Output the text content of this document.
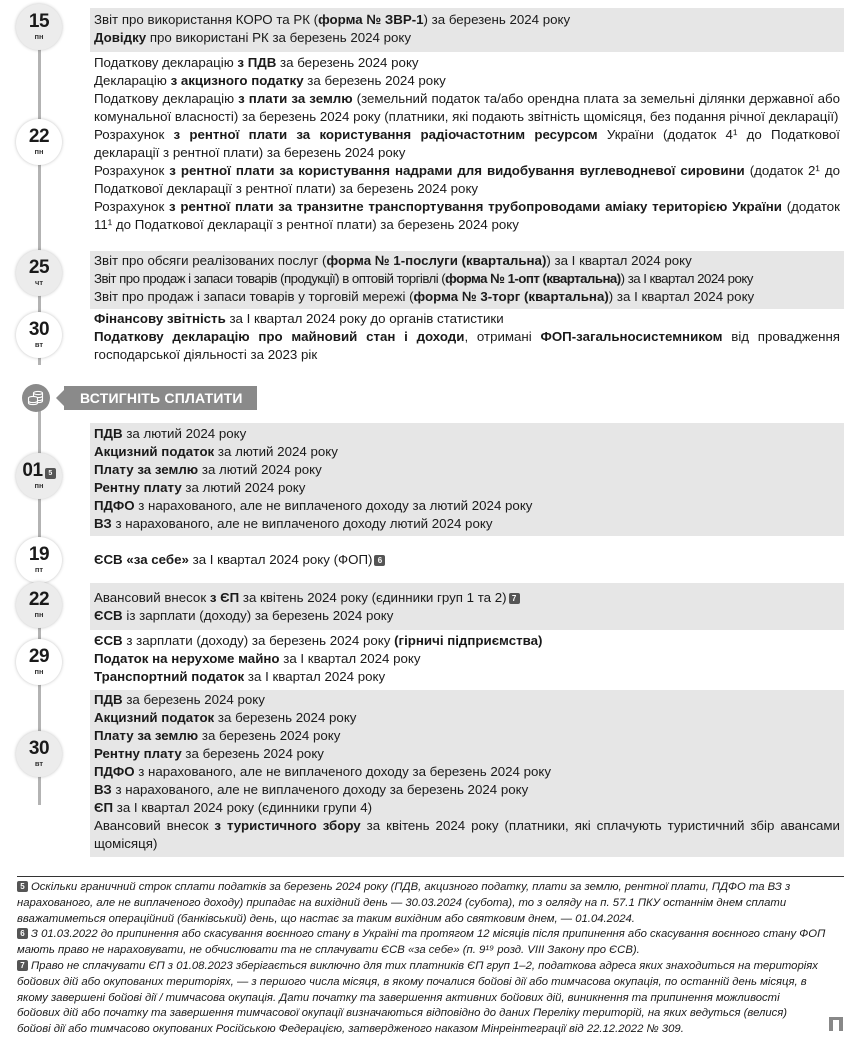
15
пн
Звіт про використання КОРО та РК (форма № ЗВР-1) за березень 2024 року
Довідку про використані РК за березень 2024 року
22
пн
Податкову декларацію з ПДВ за березень 2024 року
Декларацію з акцизного податку за березень 2024 року
Податкову декларацію з плати за землю (земельний податок та/або орендна плата за земельні ділянки державної або комунальної власності) за березень 2024 року (платники, які подають звітність щомісяця, без подання річної декларації)
Розрахунок з рентної плати за користування радіочастотним ресурсом України (додаток 4¹ до Податкової декларації з рентної плати) за березень 2024 року
Розрахунок з рентної плати за користування надрами для видобування вуглеводневої сировини (додаток 2¹ до Податкової декларації з рентної плати) за березень 2024 року
Розрахунок з рентної плати за транзитне транспортування трубопроводами аміаку територією України (додаток 11¹ до Податкової декларації з рентної плати) за березень 2024 року
25
чт
Звіт про обсяги реалізованих послуг (форма № 1-послуги (квартальна)) за І квартал 2024 року
Звіт про продаж і запаси товарів (продукції) в оптовій торгівлі (форма № 1-опт (квартальна)) за І квартал 2024 року
Звіт про продаж і запаси товарів у торговій мережі (форма № 3-торг (квартальна)) за І квартал 2024 року
30
вт
Фінансову звітність за І квартал 2024 року до органів статистики
Податкову декларацію про майновий стан і доходи, отримані ФОП-загальносистемником від провадження господарської діяльності за 2023 рік
ВСТИГНІТЬ СПЛАТИТИ
01 5
пн
ПДВ за лютий 2024 року
Акцизний податок за лютий 2024 року
Плату за землю за лютий 2024 року
Рентну плату за лютий 2024 року
ПДФО з нарахованого, але не виплаченого доходу за лютий 2024 року
ВЗ з нарахованого, але не виплаченого доходу лютий 2024 року
19
пт
ЄСВ «за себе» за І квартал 2024 року (ФОП) 6
22
пн
Авансовий внесок з ЄП за квітень 2024 року (єдинники груп 1 та 2) 7
ЄСВ із зарплати (доходу) за березень 2024 року
29
пн
ЄСВ з зарплати (доходу) за березень 2024 року (гірничі підприємства)
Податок на нерухоме майно за І квартал 2024 року
Транспортний податок за І квартал 2024 року
30
вт
ПДВ за березень 2024 року
Акцизний податок за березень 2024 року
Плату за землю за березень 2024 року
Рентну плату за березень 2024 року
ПДФО з нарахованого, але не виплаченого доходу за березень 2024 року
ВЗ з нарахованого, але не виплаченого доходу за березень 2024 року
ЄП за І квартал 2024 року (єдинники групи 4)
Авансовий внесок з туристичного збору за квітень 2024 року (платники, які сплачують туристичний збір авансами щомісяця)
5 Оскільки граничний строк сплати податків за березень 2024 року (ПДВ, акцизного податку, плати за землю, рентної плати, ПДФО та ВЗ з нарахованого, але не виплаченого доходу) припадає на вихідний день — 30.03.2024 (субота), то з огляду на п. 57.1 ПКУ останнім днем сплати вважатиметься операційний (банківський) день, що настає за таким вихідним або святковим днем, — 01.04.2024.
6 З 01.03.2022 до припинення або скасування воєнного стану в Україні та протягом 12 місяців після припинення або скасування воєнного стану ФОП мають право не нараховувати, не обчислювати та не сплачувати ЄСВ «за себе» (п. 9¹⁹ розд. VIII Закону про ЄСВ).
7 Право не сплачувати ЄП з 01.08.2023 зберігається виключно для тих платників ЄП груп 1–2, податкова адреса яких знаходиться на територіях бойових дій або окупованих територіях, — з першого числа місяця, в якому почалися бойові дії або тимчасова окупація, по останній день місяця, в якому завершені бойові дії / тимчасова окупація. Дати початку та завершення активних бойових дій, виникнення та припинення можливості бойових дій або початку та завершення тимчасової окупації визначаються відповідно до даних Переліку територій, на яких ведуться (велися) бойові дії або тимчасово окупованих Російською Федерацією, затвердженого наказом Мінреінтеграції від 22.12.2022 № 309.
